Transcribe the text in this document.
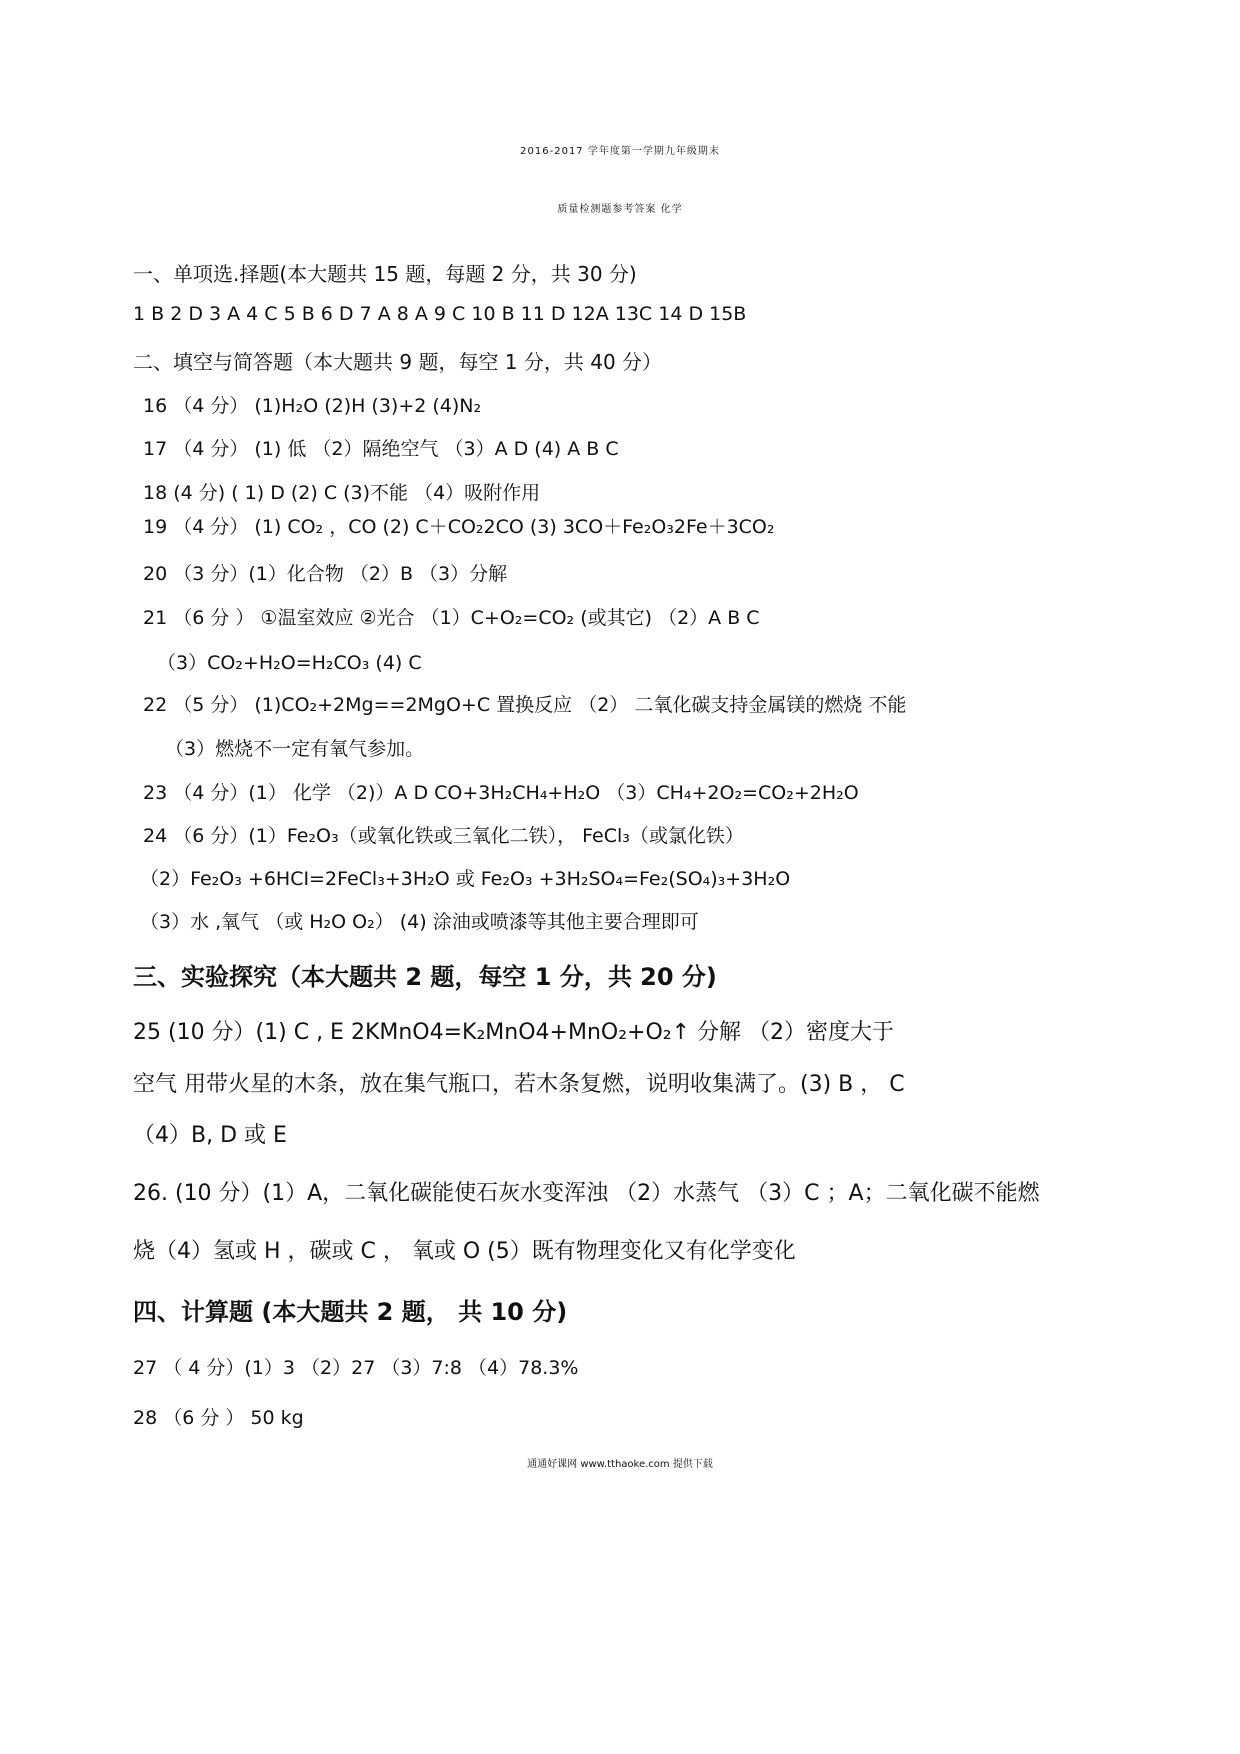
2016-2017 学年度第一学期九年级期末
质量检测题参考答案 化学
一、单项选.择题(本大题共 15 题，每题 2 分，共 30 分)
1 B 2 D 3 A 4 C 5 B 6 D 7 A 8 A 9 C 10 B 11 D 12A 13C 14 D 15B
二、填空与简答题（本大题共 9 题，每空 1 分，共 40 分）
16 （4 分） (1)H₂O (2)H (3)+2 (4)N₂
17 （4 分） (1) 低 （2）隔绝空气 （3）A D (4) A B C
18 (4 分) ( 1) D (2) C (3)不能 （4）吸附作用
19 （4 分） (1) CO₂ ，CO (2) C＋CO₂2CO (3) 3CO＋Fe₂O₃2Fe＋3CO₂
20 （3 分）(1）化合物 （2）B （3）分解
21 （6 分 ） ①温室效应 ②光合 （1）C+O₂=CO₂ (或其它) （2）A B C
（3）CO₂+H₂O=H₂CO₃ (4) C
22 （5 分） (1)CO₂+2Mg==2MgO+C 置换反应 （2） 二氧化碳支持金属镁的燃烧 不能
（3）燃烧不一定有氧气参加。
23 （4 分）(1） 化学 （2)）A D CO+3H₂CH₄+H₂O （3）CH₄+2O₂=CO₂+2H₂O
24 （6 分）(1）Fe₂O₃（或氧化铁或三氧化二铁）， FeCl₃（或氯化铁）
（2）Fe₂O₃ +6HCI=2FeCl₃+3H₂O 或 Fe₂O₃ +3H₂SO₄=Fe₂(SO₄)₃+3H₂O
（3）水 ,氧气 （或 H₂O O₂） (4) 涂油或喷漆等其他主要合理即可
三、实验探究（本大题共 2 题，每空 1 分，共 20 分)
25 (10 分）(1) C , E 2KMnO4=K₂MnO4+MnO₂+O₂↑ 分解 （2）密度大于
空气 用带火星的木条，放在集气瓶口，若木条复燃，说明收集满了。(3) B ， C
（4）B, D 或 E
26. (10 分）(1）A，二氧化碳能使石灰水变浑浊 （2）水蒸气 （3）C ；A；二氧化碳不能燃
烧（4）氢或 H ，碳或 C ， 氧或 O (5）既有物理变化又有化学变化
四、计算题 (本大题共 2 题， 共 10 分)
27 （ 4 分）(1）3 （2）27 （3）7:8 （4）78.3%
28 （6 分 ） 50 kg
通通好课网 www.tthaoke.com 提供下载
